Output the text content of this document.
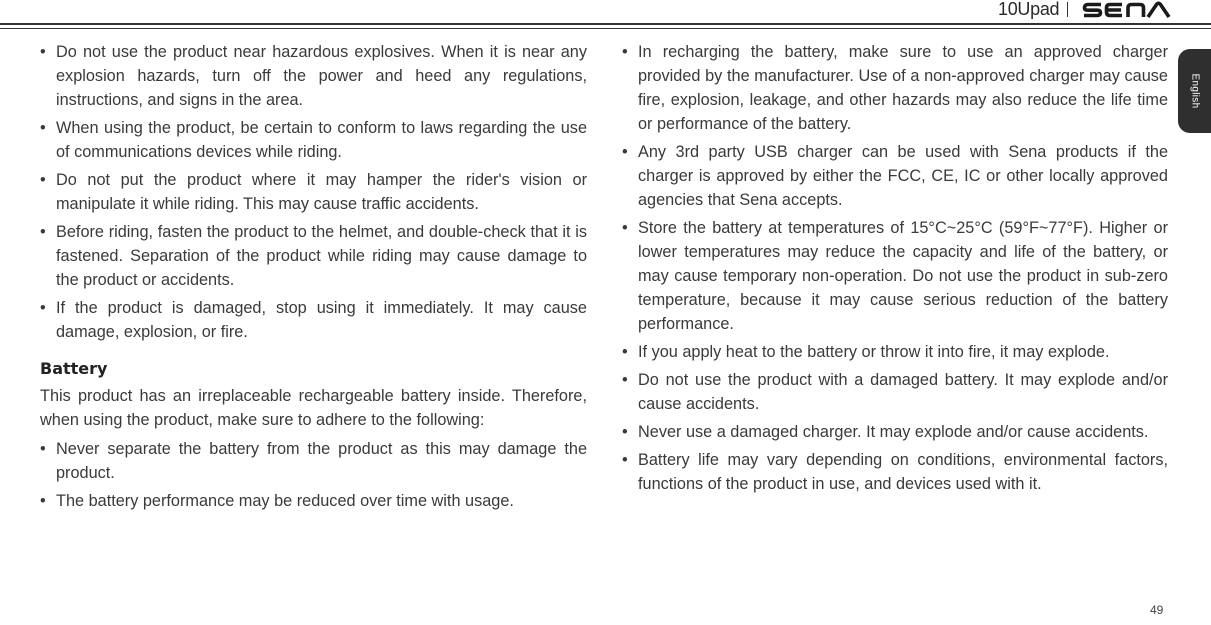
10Upad
English
• Do not use the product near hazardous explosives. When it is near any explosion hazards, turn off the power and heed any regulations, instructions, and signs in the area.
• When using the product, be certain to conform to laws regarding the use of communications devices while riding.
• Do not put the product where it may hamper the rider's vision or manipulate it while riding. This may cause traffic accidents.
• Before riding, fasten the product to the helmet, and double-check that it is fastened. Separation of the product while riding may cause damage to the product or accidents.
• If the product is damaged, stop using it immediately. It may cause damage, explosion, or fire.
Battery

This product has an irreplaceable rechargeable battery inside. Therefore, when using the product, make sure to adhere to the following:

• Never separate the battery from the product as this may damage the product.
• The battery performance may be reduced over time with usage.
• In recharging the battery, make sure to use an approved charger provided by the manufacturer. Use of a non-approved charger may cause fire, explosion, leakage, and other hazards may also reduce the life time or performance of the battery.
• Any 3rd party USB charger can be used with Sena products if the charger is approved by either the FCC, CE, IC or other locally approved agencies that Sena accepts.
• Store the battery at temperatures of 15°C~25°C (59°F~77°F). Higher or lower temperatures may reduce the capacity and life of the battery, or may cause temporary non-operation. Do not use the product in sub-zero temperature, because it may cause serious reduction of the battery performance.
• If you apply heat to the battery or throw it into fire, it may explode.
• Do not use the product with a damaged battery. It may explode and/or cause accidents.
• Never use a damaged charger. It may explode and/or cause accidents.
• Battery life may vary depending on conditions, environmental factors, functions of the product in use, and devices used with it.
49
